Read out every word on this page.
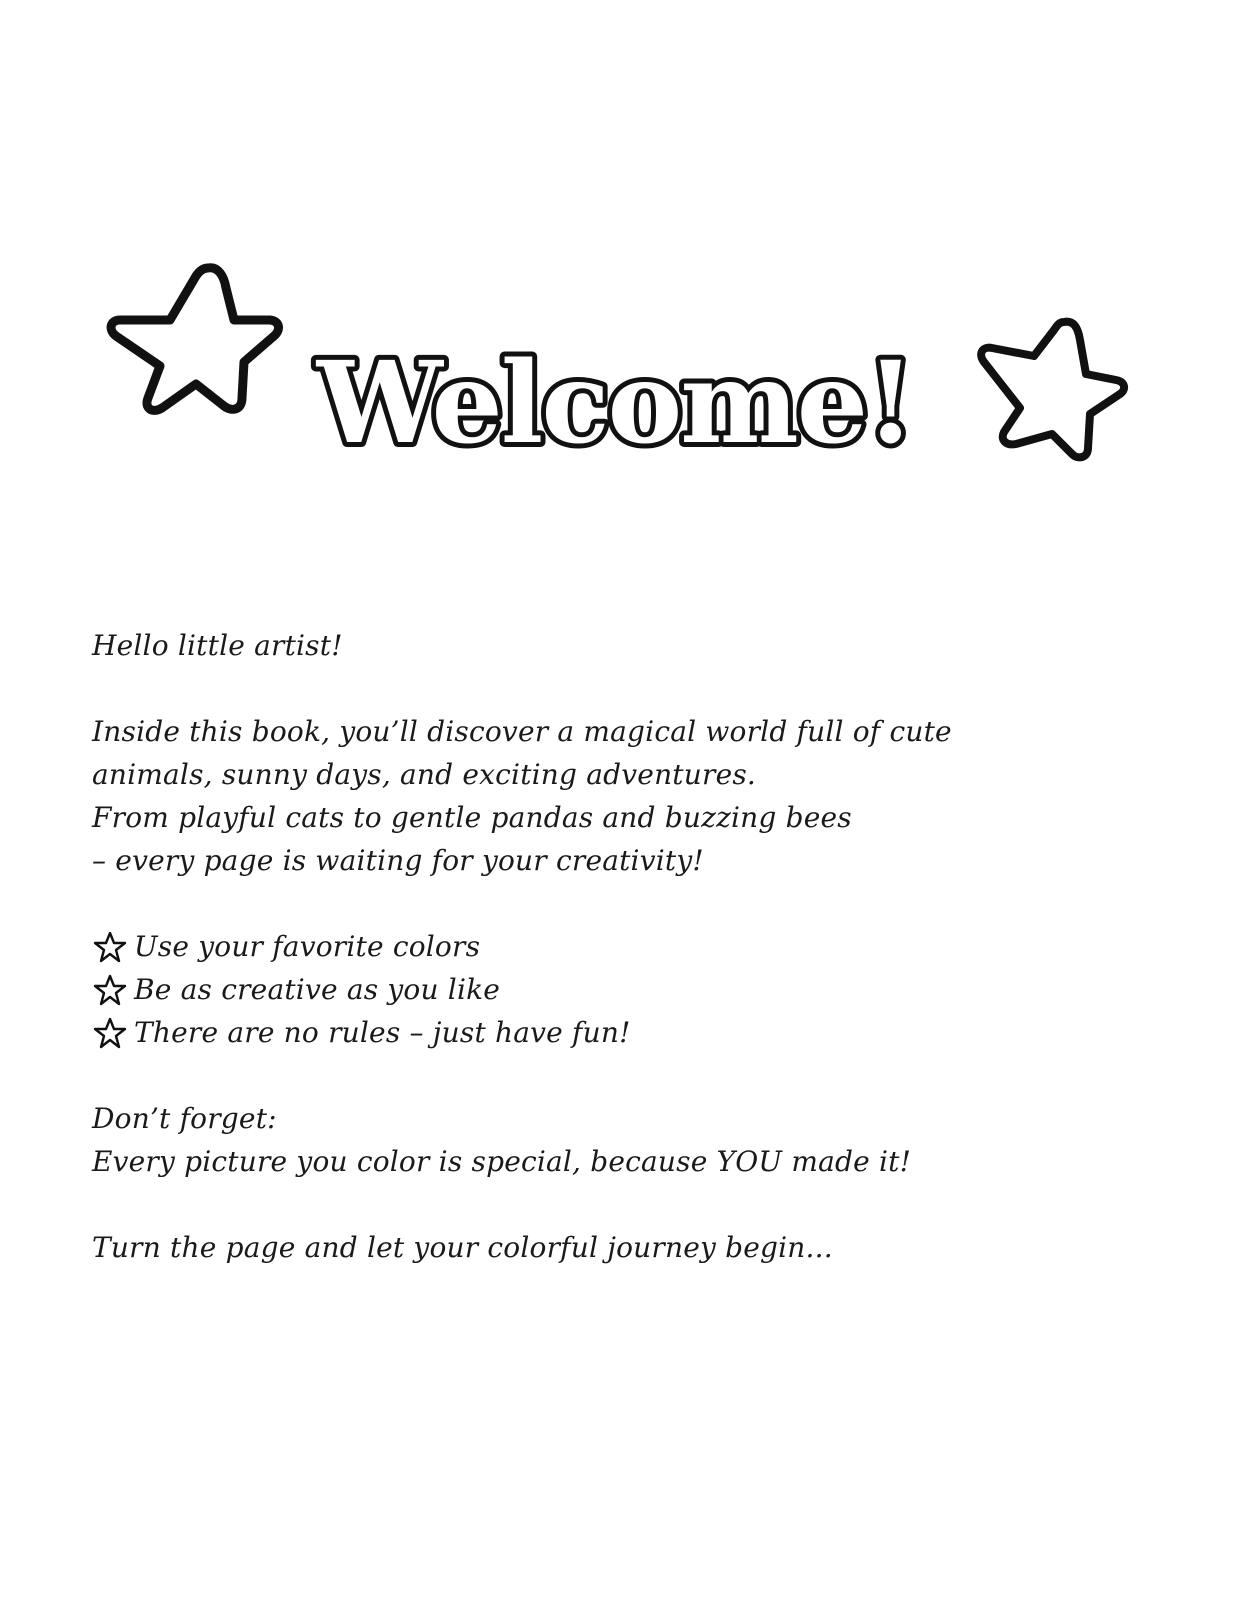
Welcome!

Hello little artist!

Inside this book, you’ll discover a magical world full of cute

animals, sunny days, and exciting adventures.

From playful cats to gentle pandas and buzzing bees

– every page is waiting for your creativity!

Use your favorite colors
Be as creative as you like
There are no rules – just have fun!

Don’t forget:

Every picture you color is special, because YOU made it!

Turn the page and let your colorful journey begin...
